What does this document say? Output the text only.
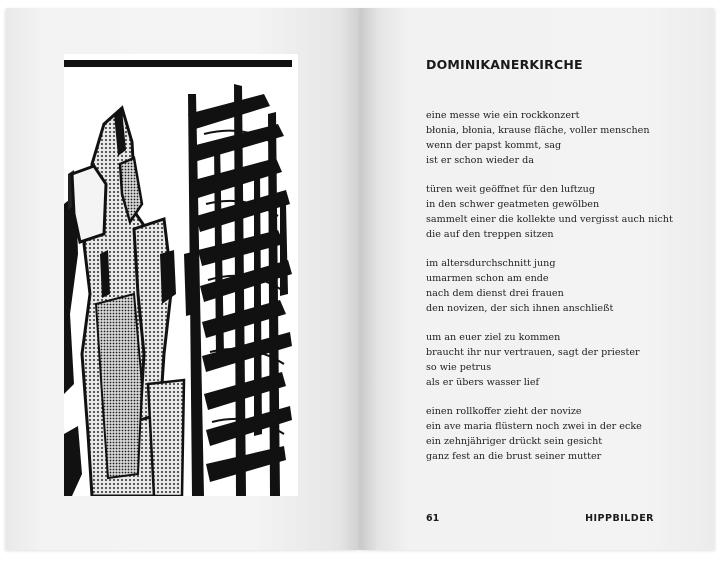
DOMINIKANERKIRCHE
eine messe wie ein rockkonzert
błonia, błonia, krause fläche, voller menschen
wenn der papst kommt, sag
ist er schon wieder da
türen weit geöffnet für den luftzug
in den schwer geatmeten gewölben
sammelt einer die kollekte und vergisst auch nicht
die auf den treppen sitzen
im altersdurchschnitt jung
umarmen schon am ende
nach dem dienst drei frauen
den novizen, der sich ihnen anschließt
um an euer ziel zu kommen
braucht ihr nur vertrauen, sagt der priester
so wie petrus
als er übers wasser lief
einen rollkoffer zieht der novize
ein ave maria flüstern noch zwei in der ecke
ein zehnjähriger drückt sein gesicht
ganz fest an die brust seiner mutter
61	HIPPBILDER
